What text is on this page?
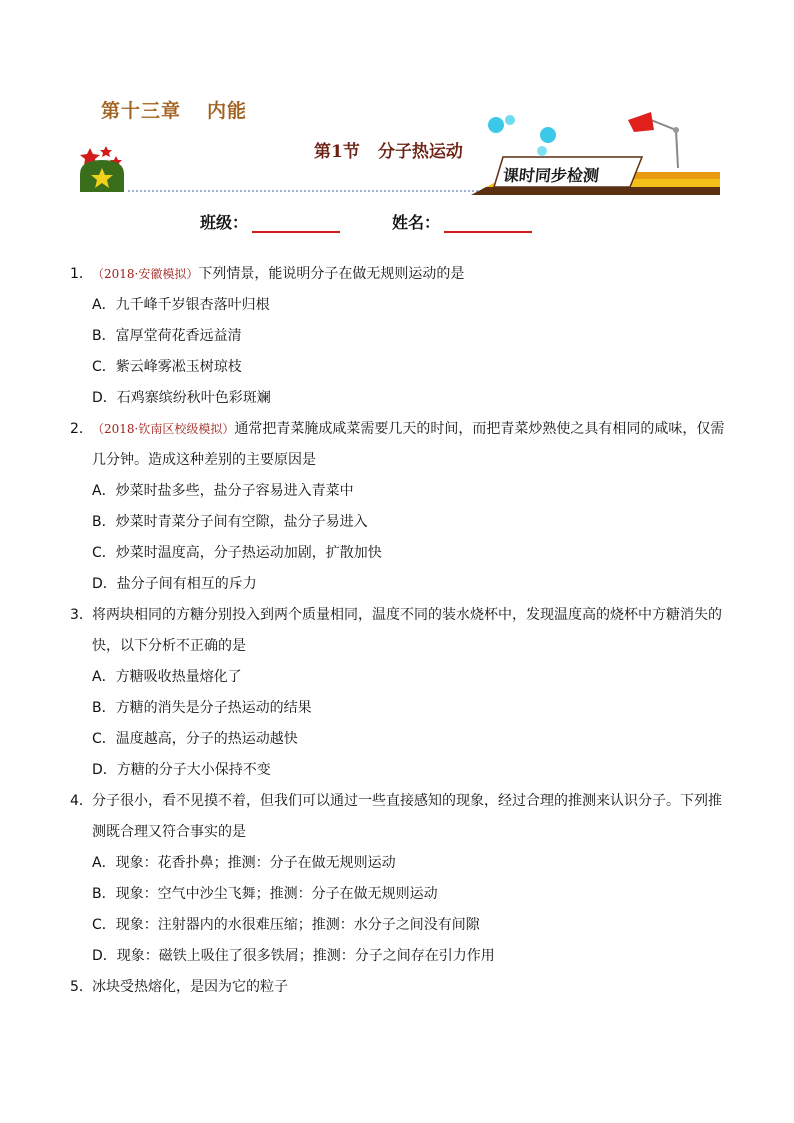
第十三章 内能
第1节 分子热运动
课时同步检测
班级：	姓名：
1． （2018·安徽模拟）下列情景，能说明分子在做无规则运动的是
A．九千峰千岁银杏落叶归根
B．富厚堂荷花香远益清
C．紫云峰雾凇玉树琼枝
D．石鸡寨缤纷秋叶色彩斑斓
2． （2018·钦南区校级模拟）通常把青菜腌成咸菜需要几天的时间，而把青菜炒熟使之具有相同的咸味，仅需几分钟。造成这种差别的主要原因是
A．炒菜时盐多些，盐分子容易进入青菜中
B．炒菜时青菜分子间有空隙，盐分子易进入
C．炒菜时温度高，分子热运动加剧，扩散加快
D．盐分子间有相互的斥力
3． 将两块相同的方糖分别投入到两个质量相同，温度不同的装水烧杯中，发现温度高的烧杯中方糖消失的快，以下分析不正确的是
A．方糖吸收热量熔化了
B．方糖的消失是分子热运动的结果
C．温度越高，分子的热运动越快
D．方糖的分子大小保持不变
4． 分子很小，看不见摸不着，但我们可以通过一些直接感知的现象，经过合理的推测来认识分子。下列推测既合理又符合事实的是
A．现象：花香扑鼻；推测：分子在做无规则运动
B．现象：空气中沙尘飞舞；推测：分子在做无规则运动
C．现象：注射器内的水很难压缩；推测：水分子之间没有间隙
D．现象：磁铁上吸住了很多铁屑；推测：分子之间存在引力作用
5． 冰块受热熔化，是因为它的粒子
